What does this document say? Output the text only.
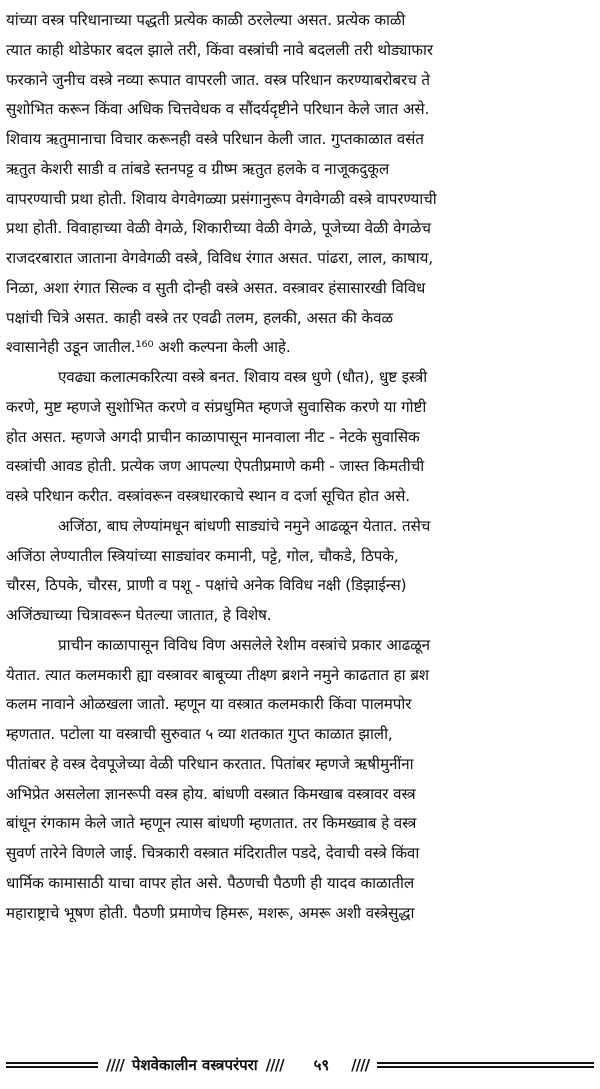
यांच्या वस्त्र परिधानाच्या पद्धती प्रत्येक काळी ठरलेल्या असत. प्रत्येक काळी
त्यात काही थोडेफार बदल झाले तरी, किंवा वस्त्रांची नावे बदलली तरी थोड्याफार
फरकाने जुनीच वस्त्रे नव्या रूपात वापरली जात. वस्त्र परिधान करण्याबरोबरच ते
सुशोभित करून किंवा अधिक चित्तवेधक व सौंदर्यदृष्टीने परिधान केले जात असे.
शिवाय ऋतुमानाचा विचार करूनही वस्त्रे परिधान केली जात. गुप्तकाळात वसंत
ऋतुत केशरी साडी व तांबडे स्तनपट्ट व ग्रीष्म ऋतुत हलके व नाजूकदुकूल
वापरण्याची प्रथा होती. शिवाय वेगवेगळ्या प्रसंगानुरूप वेगवेगळी वस्त्रे वापरण्याची
प्रथा होती. विवाहाच्या वेळी वेगळे, शिकारीच्या वेळी वेगळे, पूजेच्या वेळी वेगळेच
राजदरबारात जाताना वेगवेगळी वस्त्रे, विविध रंगात असत. पांढरा, लाल, काषाय,
निळा, अशा रंगात सिल्क व सुती दोन्ही वस्त्रे असत. वस्त्रावर हंसासारखी विविध
पक्षांची चित्रे असत. काही वस्त्रे तर एवढी तलम, हलकी, असत की केवळ
श्वासानेही उडून जातील.¹⁶⁰ अशी कल्पना केली आहे.
एवढ्या कलात्मकरित्या वस्त्रे बनत. शिवाय वस्त्र धुणे (धौत), धुष्ट इस्त्री
करणे, मुष्ट म्हणजे सुशोभित करणे व संप्रधुमित म्हणजे सुवासिक करणे या गोष्टी
होत असत. म्हणजे अगदी प्राचीन काळापासून मानवाला नीट - नेटके सुवासिक
वस्त्रांची आवड होती. प्रत्येक जण आपल्या ऐपतीप्रमाणे कमी - जास्त किमतीची
वस्त्रे परिधान करीत. वस्त्रांवरून वस्त्रधारकाचे स्थान व दर्जा सूचित होत असे.
अजिंठा, बाघ लेण्यांमधून बांधणी साड्यांचे नमुने आढळून येतात. तसेच
अजिंठा लेण्यातील स्त्रियांच्या साड्यांवर कमानी, पट्टे, गोल, चौकडे, ठिपके,
चौरस, ठिपके, चौरस, प्राणी व पशू - पक्षांचे अनेक विविध नक्षी (डिझाईन्स)
अजिंठ्याच्या चित्रावरून घेतल्या जातात, हे विशेष.
प्राचीन काळापासून विविध विण असलेले रेशीम वस्त्रांचे प्रकार आढळून
येतात. त्यात कलमकारी ह्या वस्त्रावर बाबूच्या तीक्ष्ण ब्रशने नमुने काढतात हा ब्रश
कलम नावाने ओळखला जातो. म्हणून या वस्त्रात कलमकारी किंवा पालमपोर
म्हणतात. पटोला या वस्त्राची सुरुवात ५ व्या शतकात गुप्त काळात झाली,
पीतांबर हे वस्त्र देवपूजेच्या वेळी परिधान करतात. पितांबर म्हणजे ऋषीमुनींना
अभिप्रेत असलेला ज्ञानरूपी वस्त्र होय. बांधणी वस्त्रात किमखाब वस्त्रावर वस्त्र
बांधून रंगकाम केले जाते म्हणून त्यास बांधणी म्हणतात. तर किमख्वाब हे वस्त्र
सुवर्ण तारेने विणले जाई. चित्रकारी वस्त्रात मंदिरातील पडदे, देवाची वस्त्रे किंवा
धार्मिक कामासाठी याचा वापर होत असे. पैठणची पैठणी ही यादव काळातील
महाराष्ट्राचे भूषण होती. पैठणी प्रमाणेच हिमरू, मशरू, अमरू अशी वस्त्रेसुद्धा
//// पेशवेकालीन वस्त्रपरंपरा //// ५९ ////
